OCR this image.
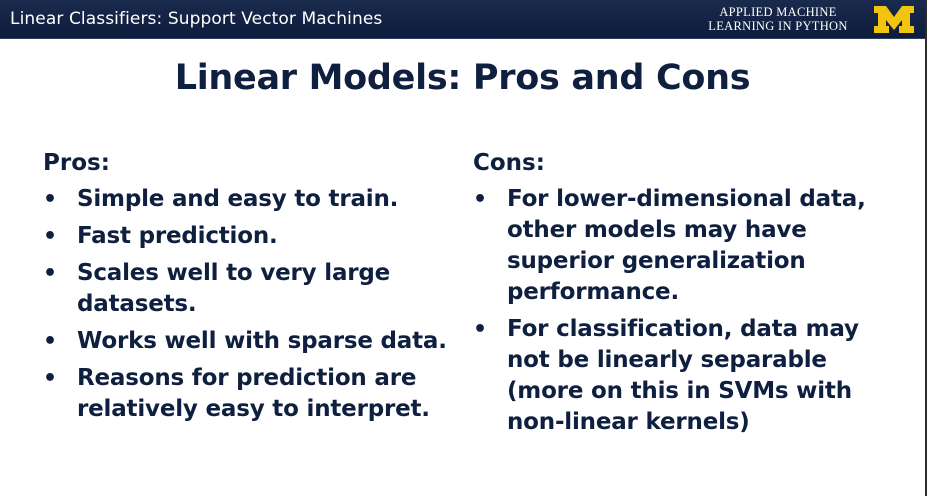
Linear Classifiers: Support Vector Machines	APPLIED MACHINE
LEARNING IN PYTHON
Linear Models: Pros and Cons
Pros:
• Simple and easy to train.
• Fast prediction.
• Scales well to very large datasets.
• Works well with sparse data.
• Reasons for prediction are relatively easy to interpret.
Cons:
• For lower-dimensional data, other models may have superior generalization performance.
• For classification, data may not be linearly separable (more on this in SVMs with non-linear kernels)
